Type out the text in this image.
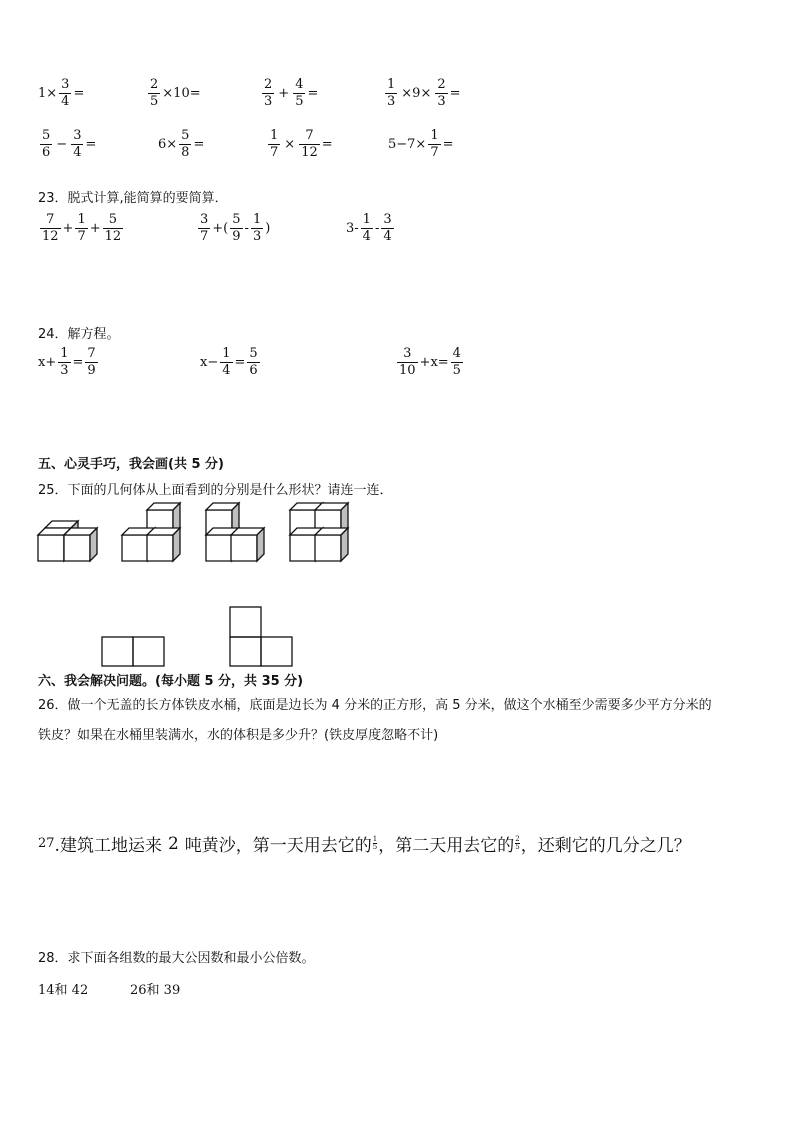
$1\times \frac{3}{4}$ =	$\frac{2}{5} \times 10=$	$\frac{2}{3} + \frac{4}{5}$ =	$\frac{1}{3} \times 9\times \frac{2}{3}$ =
$\frac{5}{6} - \frac{3}{4}$ =	$6\times \frac{5}{8}$ =	$\frac{1}{7} \times \frac{7}{12}$ =	$5-7\times \frac{1}{7}$ =
23．脱式计算,能简算的要简算．
$\frac{7}{12} + \frac{1}{7} + \frac{5}{12}$	$\frac{3}{7}$ +( $\frac{5}{9} - \frac{1}{3}$ )	$3- \frac{1}{4} - \frac{3}{4}$
24．解方程。
$x+ \frac{1}{3} = \frac{7}{9}$	$x- \frac{1}{4} = \frac{5}{6}$	$\frac{3}{10} +x= \frac{4}{5}$
五、心灵手巧，我会画(共 5 分)
25．下面的几何体从上面看到的分别是什么形状？请连一连．
六、我会解决问题。(每小题 5 分，共 35 分)
26．做一个无盖的长方体铁皮水桶，底面是边长为 4 分米的正方形，高 5 分米，做这个水桶至少需要多少平方分米的
铁皮？如果在水桶里装满水，水的体积是多少升？(铁皮厚度忽略不计)
27 .建筑工地运来 2 吨黄沙，第一天用去它的 $\frac{1}{5}$ ，第二天用去它的 $\frac{2}{5}$ ，还剩它的几分之几？
28．求下面各组数的最大公因数和最小公倍数。
14和 42	26和 39
